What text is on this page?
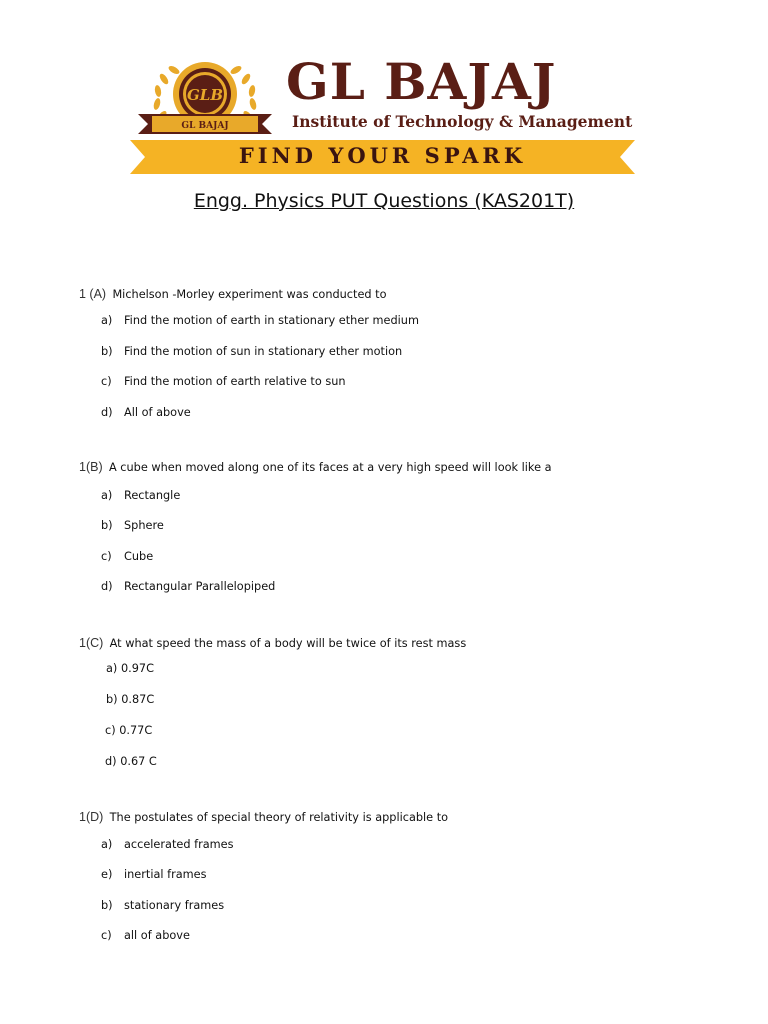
GLB
GL BAJAJ
GL BAJAJ
Institute of Technology & Management
FIND YOUR SPARK
Engg. Physics PUT Questions (KAS201T)
1 (A) Michelson -Morley experiment was conducted to
a) Find the motion of earth in stationary ether medium
b) Find the motion of sun in stationary ether motion
c) Find the motion of earth relative to sun
d) All of above
1(B) A cube when moved along one of its faces at a very high speed will look like a
a) Rectangle
b) Sphere
c) Cube
d) Rectangular Parallelopiped
1(C) At what speed the mass of a body will be twice of its rest mass
a) 0.97C
b) 0.87C
c) 0.77C
d) 0.67 C
1(D) The postulates of special theory of relativity is applicable to
a) accelerated frames
e) inertial frames
b) stationary frames
c) all of above
